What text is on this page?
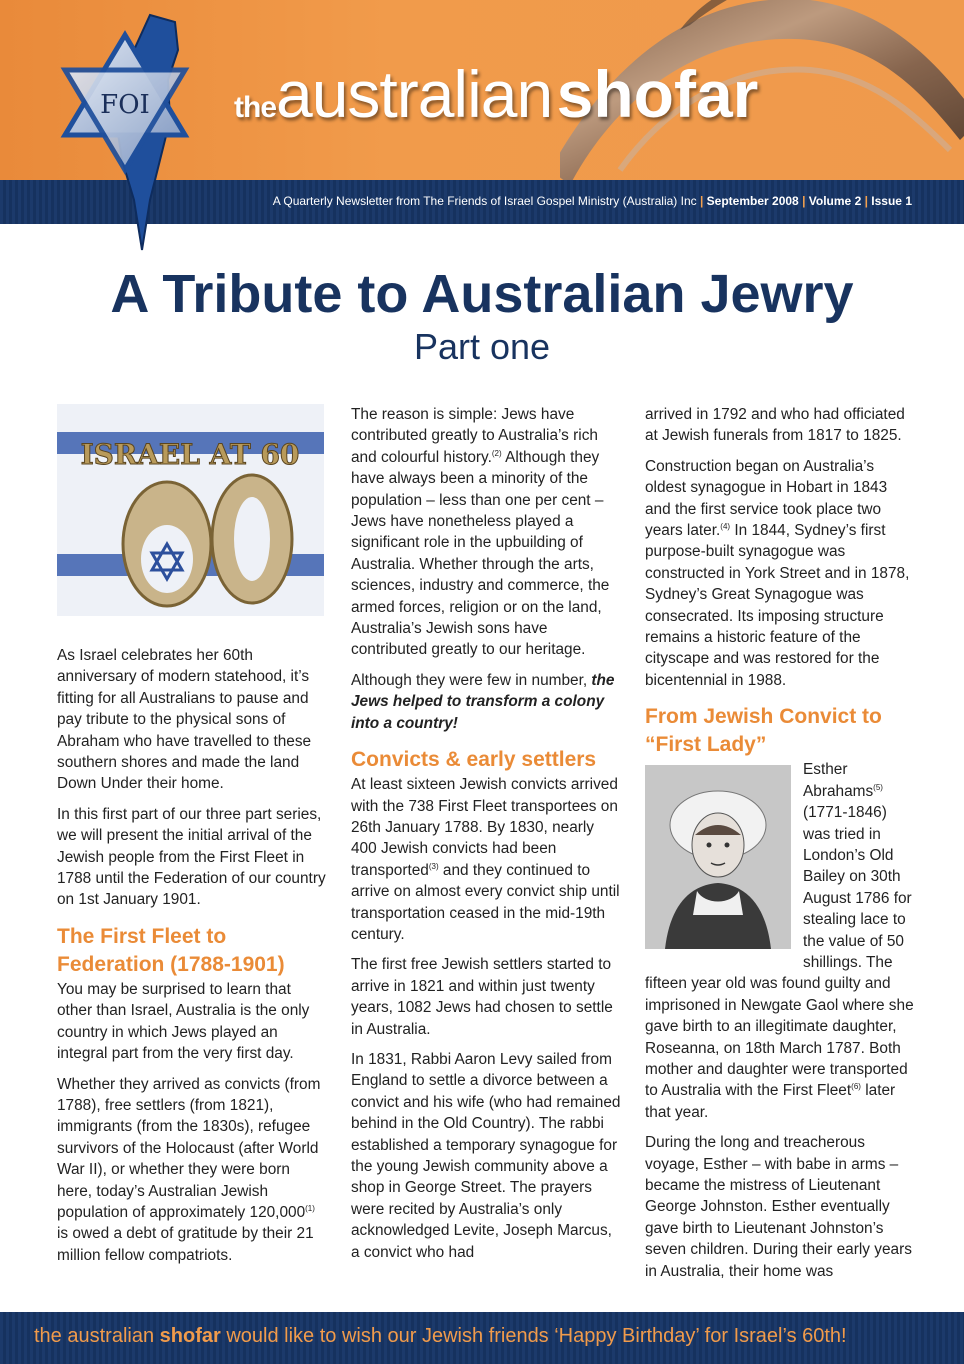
FOI	theaustralian shofar
A Quarterly Newsletter from The Friends of Israel Gospel Ministry (Australia) Inc | September 2008 | Volume 2 | Issue 1
A Tribute to Australian Jewry
Part one
ISRAEL AT 60

As Israel celebrates her 60th anniversary of modern statehood, it’s fitting for all Australians to pause and pay tribute to the physical sons of Abraham who have travelled to these southern shores and made the land Down Under their home.

In this first part of our three part series, we will present the initial arrival of the Jewish people from the First Fleet in 1788 until the Federation of our country on 1st January 1901.

The First Fleet to Federation (1788-1901)

You may be surprised to learn that other than Israel, Australia is the only country in which Jews played an integral part from the very first day.

Whether they arrived as convicts (from 1788), free settlers (from 1821), immigrants (from the 1830s), refugee survivors of the Holocaust (after World War II), or whether they were born here, today’s Australian Jewish population of approximately 120,000$^{(1)}$ is owed a debt of gratitude by their 21 million fellow compatriots.

The reason is simple: Jews have contributed greatly to Australia’s rich and colourful history.$^{(2)}$ Although they have always been a minority of the population – less than one per cent – Jews have nonetheless played a significant role in the upbuilding of Australia. Whether through the arts, sciences, industry and commerce, the armed forces, religion or on the land, Australia’s Jewish sons have contributed greatly to our heritage.

Although they were few in number, the Jews helped to transform a colony into a country!

Convicts & early settlers

At least sixteen Jewish convicts arrived with the 738 First Fleet transportees on 26th January 1788. By 1830, nearly 400 Jewish convicts had been transported$^{(3)}$ and they continued to arrive on almost every convict ship until transportation ceased in the mid-19th century.

The first free Jewish settlers started to arrive in 1821 and within just twenty years, 1082 Jews had chosen to settle in Australia.

In 1831, Rabbi Aaron Levy sailed from England to settle a divorce between a convict and his wife (who had remained behind in the Old Country). The rabbi established a temporary synagogue for the young Jewish community above a shop in George Street. The prayers were recited by Australia’s only acknowledged Levite, Joseph Marcus, a convict who had

arrived in 1792 and who had officiated at Jewish funerals from 1817 to 1825.

Construction began on Australia’s oldest synagogue in Hobart in 1843 and the first service took place two years later.$^{(4)}$ In 1844, Sydney’s first purpose-built synagogue was constructed in York Street and in 1878, Sydney’s Great Synagogue was consecrated. Its imposing structure remains a historic feature of the cityscape and was restored for the bicentennial in 1988.

From Jewish Convict to “First Lady”

Esther Abrahams$^{(5)}$ (1771-1846) was tried in London’s Old Bailey on 30th August 1786 for stealing lace to the value of 50 shillings. The fifteen year old was found guilty and imprisoned in Newgate Gaol where she gave birth to an illegitimate daughter, Roseanna, on 18th March 1787. Both mother and daughter were transported to Australia with the First Fleet$^{(6)}$ later that year.

During the long and treacherous voyage, Esther – with babe in arms – became the mistress of Lieutenant George Johnston. Esther eventually gave birth to Lieutenant Johnston’s seven children. During their early years in Australia, their home was

the australian shofar would like to wish our Jewish friends ‘Happy Birthday’ for Israel’s 60th!
